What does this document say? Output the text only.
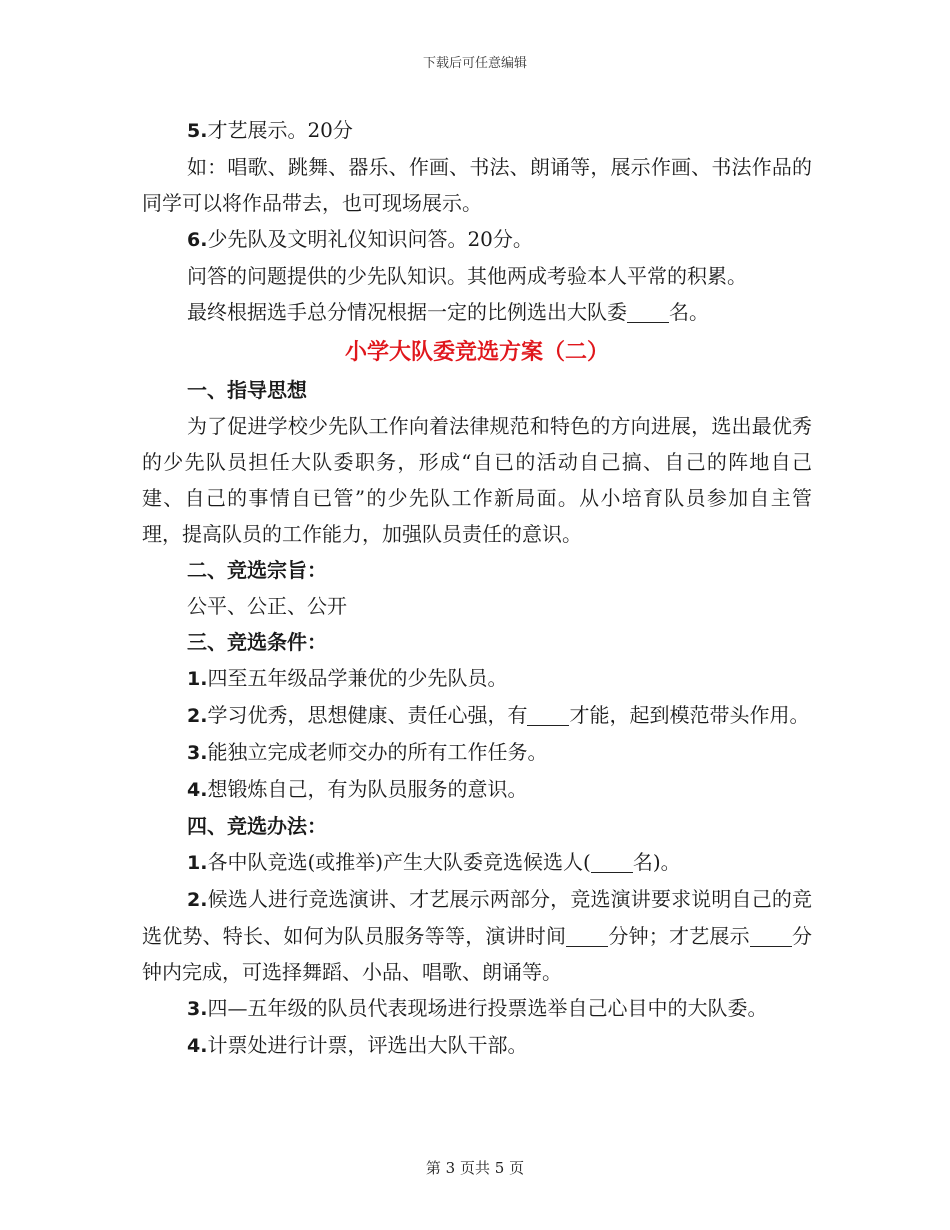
下载后可任意编辑

5.才艺展示。20分

如：唱歌、跳舞、器乐、作画、书法、朗诵等，展示作画、书法作品的同学可以将作品带去，也可现场展示。

6.少先队及文明礼仪知识问答。20分。

问答的问题提供的少先队知识。其他两成考验本人平常的积累。

最终根据选手总分情况根据一定的比例选出大队委 名。

小学大队委竞选方案（二）

一、指导思想

为了促进学校少先队工作向着法律规范和特色的方向进展，选出最优秀的少先队员担任大队委职务，形成“自已的活动自己搞、自己的阵地自己建、自己的事情自已管”的少先队工作新局面。从小培育队员参加自主管理，提高队员的工作能力，加强队员责任的意识。

二、竞选宗旨：

公平、公正、公开

三、竞选条件：

1.四至五年级品学兼优的少先队员。

2.学习优秀，思想健康、责任心强，有 才能，起到模范带头作用。

3.能独立完成老师交办的所有工作任务。

4.想锻炼自己，有为队员服务的意识。

四、竞选办法：

1.各中队竞选(或推举)产生大队委竞选候选人( 名)。

2.候选人进行竞选演讲、才艺展示两部分，竞选演讲要求说明自己的竞选优势、特长、如何为队员服务等等，演讲时间 分钟；才艺展示 分钟内完成，可选择舞蹈、小品、唱歌、朗诵等。

3.四—五年级的队员代表现场进行投票选举自己心目中的大队委。

4.计票处进行计票，评选出大队干部。

第 3 页共 5 页
